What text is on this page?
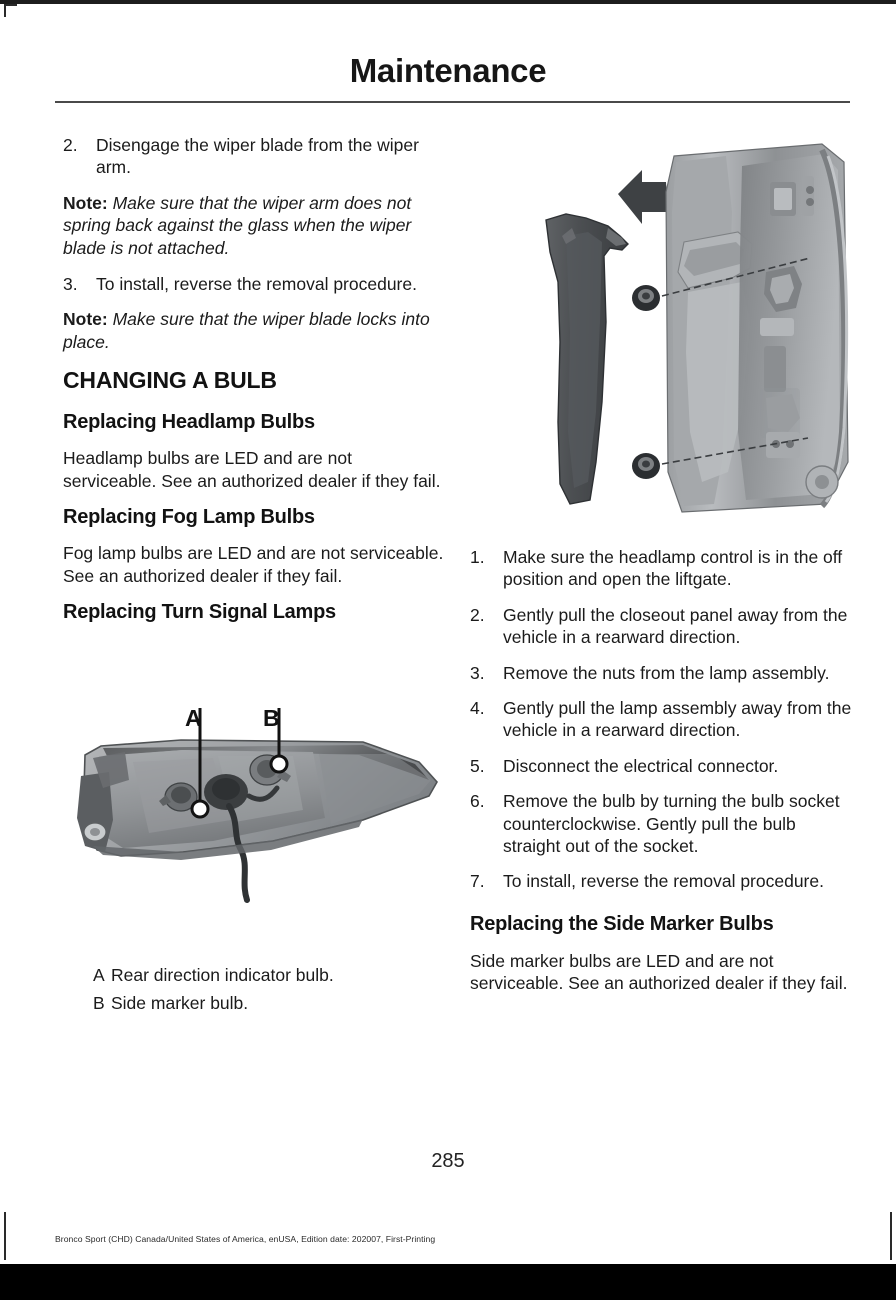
Maintenance
2.	Disengage the wiper blade from the wiper arm.

Note: Make sure that the wiper arm does not spring back against the glass when the wiper blade is not attached.

3.	To install, reverse the removal procedure.

Note: Make sure that the wiper blade locks into place.

CHANGING A BULB
Replacing Headlamp Bulbs

Headlamp bulbs are LED and are not serviceable. See an authorized dealer if they fail.

Replacing Fog Lamp Bulbs

Fog lamp bulbs are LED and are not serviceable. See an authorized dealer if they fail.

Replacing Turn Signal Lamps
A	B
A Rear direction indicator bulb.
B Side marker bulb.
1.	Make sure the headlamp control is in the off position and open the liftgate.
2.	Gently pull the closeout panel away from the vehicle in a rearward direction.
3.	Remove the nuts from the lamp assembly.
4.	Gently pull the lamp assembly away from the vehicle in a rearward direction.
5.	Disconnect the electrical connector.
6.	Remove the bulb by turning the bulb socket counterclockwise. Gently pull the bulb straight out of the socket.
7.	To install, reverse the removal procedure.
Replacing the Side Marker Bulbs

Side marker bulbs are LED and are not serviceable. See an authorized dealer if they fail.

285
Bronco Sport (CHD) Canada/United States of America, enUSA, Edition date: 202007, First-Printing
